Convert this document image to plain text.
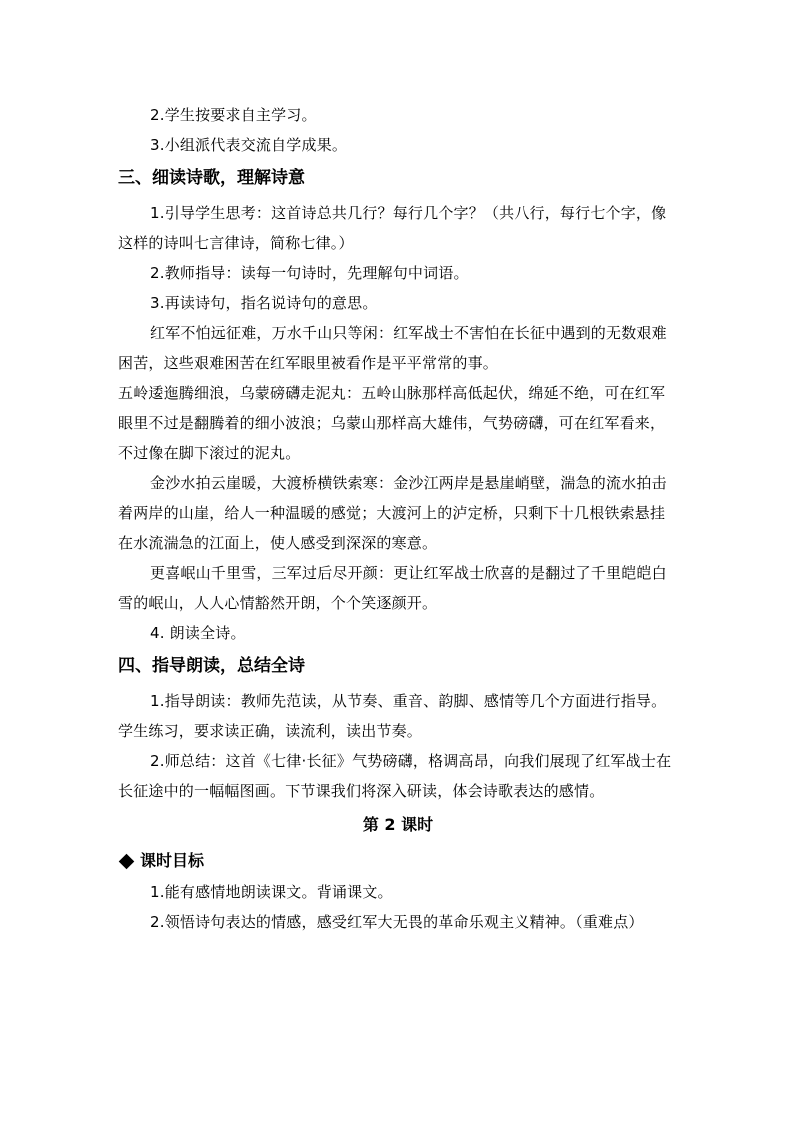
2.学生按要求自主学习。

3.小组派代表交流自学成果。

三、细读诗歌，理解诗意

1.引导学生思考：这首诗总共几行？每行几个字？（共八行，每行七个字，像这样的诗叫七言律诗，简称七律。）

2.教师指导：读每一句诗时，先理解句中词语。

3.再读诗句，指名说诗句的意思。

红军不怕远征难，万水千山只等闲：红军战士不害怕在长征中遇到的无数艰难困苦，这些艰难困苦在红军眼里被看作是平平常常的事。

五岭逶迤腾细浪，乌蒙磅礴走泥丸：五岭山脉那样高低起伏，绵延不绝，可在红军眼里不过是翻腾着的细小波浪；乌蒙山那样高大雄伟，气势磅礴，可在红军看来，不过像在脚下滚过的泥丸。

金沙水拍云崖暖，大渡桥横铁索寒：金沙江两岸是悬崖峭壁，湍急的流水拍击着两岸的山崖，给人一种温暖的感觉；大渡河上的泸定桥，只剩下十几根铁索悬挂在水流湍急的江面上，使人感受到深深的寒意。

更喜岷山千里雪，三军过后尽开颜：更让红军战士欣喜的是翻过了千里皑皑白雪的岷山，人人心情豁然开朗，个个笑逐颜开。

4. 朗读全诗。

四、指导朗读，总结全诗

1.指导朗读：教师先范读，从节奏、重音、韵脚、感情等几个方面进行指导。学生练习，要求读正确，读流利，读出节奏。

2.师总结：这首《七律·长征》气势磅礴，格调高昂，向我们展现了红军战士在长征途中的一幅幅图画。下节课我们将深入研读，体会诗歌表达的感情。

第 2 课时
课时目标

1.能有感情地朗读课文。背诵课文。

2.领悟诗句表达的情感，感受红军大无畏的革命乐观主义精神。（重难点）
